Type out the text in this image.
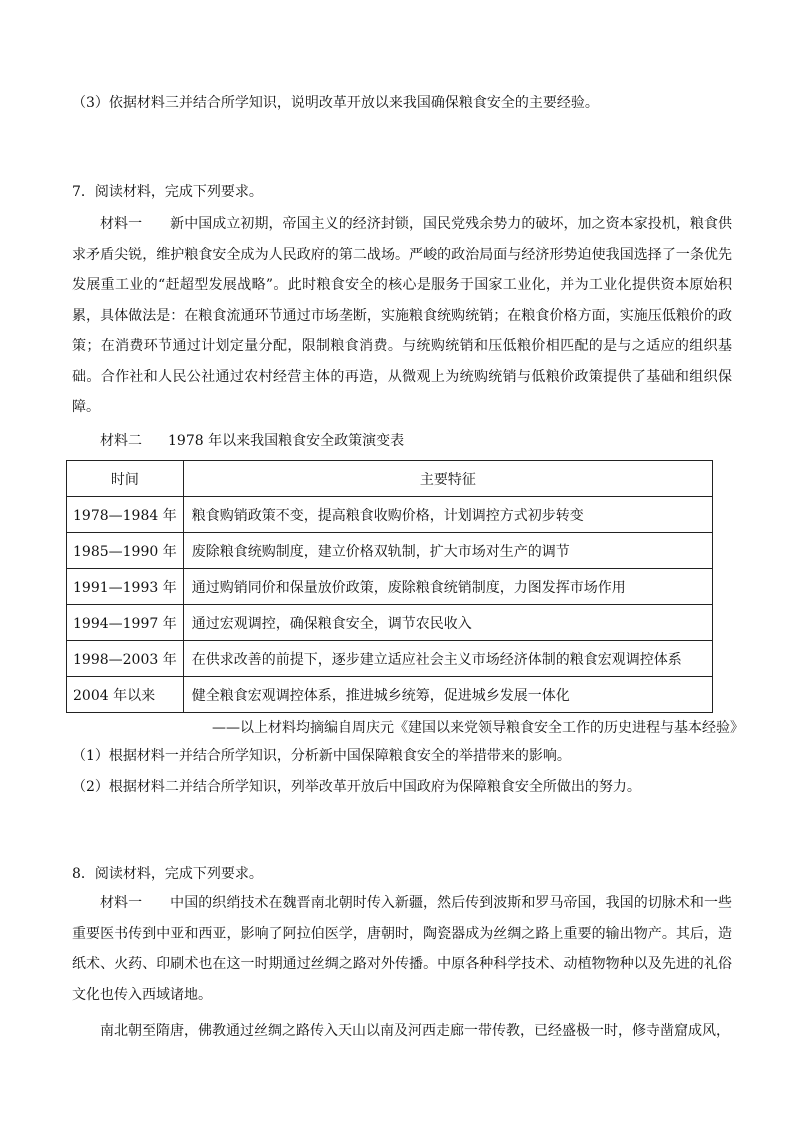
（3）依据材料三并结合所学知识，说明改革开放以来我国确保粮食安全的主要经验。
7．阅读材料，完成下列要求。
材料一 新中国成立初期，帝国主义的经济封锁，国民党残余势力的破坏，加之资本家投机，粮食供求矛盾尖锐，维护粮食安全成为人民政府的第二战场。严峻的政治局面与经济形势迫使我国选择了一条优先发展重工业的“赶超型发展战略”。此时粮食安全的核心是服务于国家工业化，并为工业化提供资本原始积累，具体做法是：在粮食流通环节通过市场垄断，实施粮食统购统销；在粮食价格方面，实施压低粮价的政策；在消费环节通过计划定量分配，限制粮食消费。与统购统销和压低粮价相匹配的是与之适应的组织基础。合作社和人民公社通过农村经营主体的再造，从微观上为统购统销与低粮价政策提供了基础和组织保障。
材料二 1978 年以来我国粮食安全政策演变表
时间	主要特征
1978—1984 年	粮食购销政策不变，提高粮食收购价格，计划调控方式初步转变
1985—1990 年	废除粮食统购制度，建立价格双轨制，扩大市场对生产的调节
1991—1993 年	通过购销同价和保量放价政策，废除粮食统销制度，力图发挥市场作用
1994—1997 年	通过宏观调控，确保粮食安全，调节农民收入
1998—2003 年	在供求改善的前提下，逐步建立适应社会主义市场经济体制的粮食宏观调控体系
2004 年以来	健全粮食宏观调控体系，推进城乡统筹，促进城乡发展一体化
——以上材料均摘编自周庆元《建国以来党领导粮食安全工作的历史进程与基本经验》
（1）根据材料一并结合所学知识，分析新中国保障粮食安全的举措带来的影响。
（2）根据材料二并结合所学知识，列举改革开放后中国政府为保障粮食安全所做出的努力。
8．阅读材料，完成下列要求。
材料一 中国的织绡技术在魏晋南北朝时传入新疆，然后传到波斯和罗马帝国，我国的切脉术和一些重要医书传到中亚和西亚，影响了阿拉伯医学，唐朝时，陶瓷器成为丝绸之路上重要的输出物产。其后，造纸术、火药、印刷术也在这一时期通过丝绸之路对外传播。中原各种科学技术、动植物物种以及先进的礼俗文化也传入西域诸地。
南北朝至隋唐，佛教通过丝绸之路传入天山以南及河西走廊一带传教，已经盛极一时，修寺凿窟成风，
